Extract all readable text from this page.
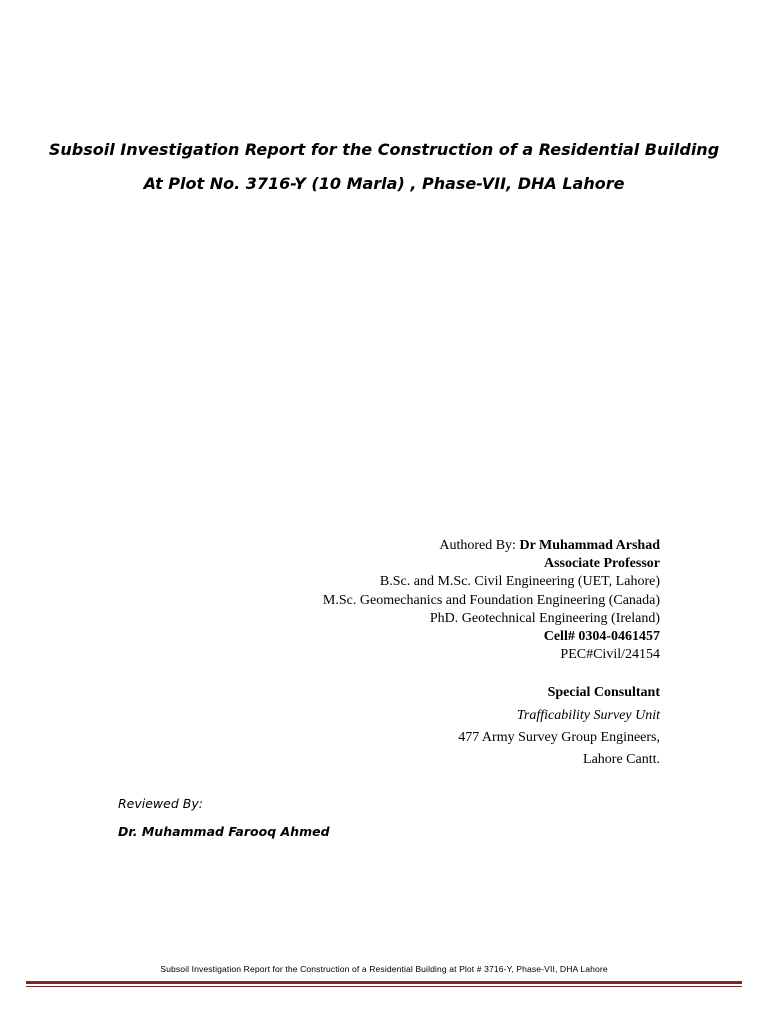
Subsoil Investigation Report for the Construction of a Residential Building
At Plot No. 3716-Y (10 Marla) , Phase-VII, DHA Lahore
Authored By: Dr Muhammad Arshad
Associate Professor
B.Sc. and M.Sc. Civil Engineering (UET, Lahore)
M.Sc. Geomechanics and Foundation Engineering (Canada)
PhD. Geotechnical Engineering (Ireland)
Cell# 0304-0461457
PEC#Civil/24154
Special Consultant
Trafficability Survey Unit
477 Army Survey Group Engineers,
Lahore Cantt.
Reviewed By:
Dr. Muhammad Farooq Ahmed
Subsoil Investigation Report for the Construction of a Residential Building at Plot # 3716-Y, Phase-VII, DHA Lahore
